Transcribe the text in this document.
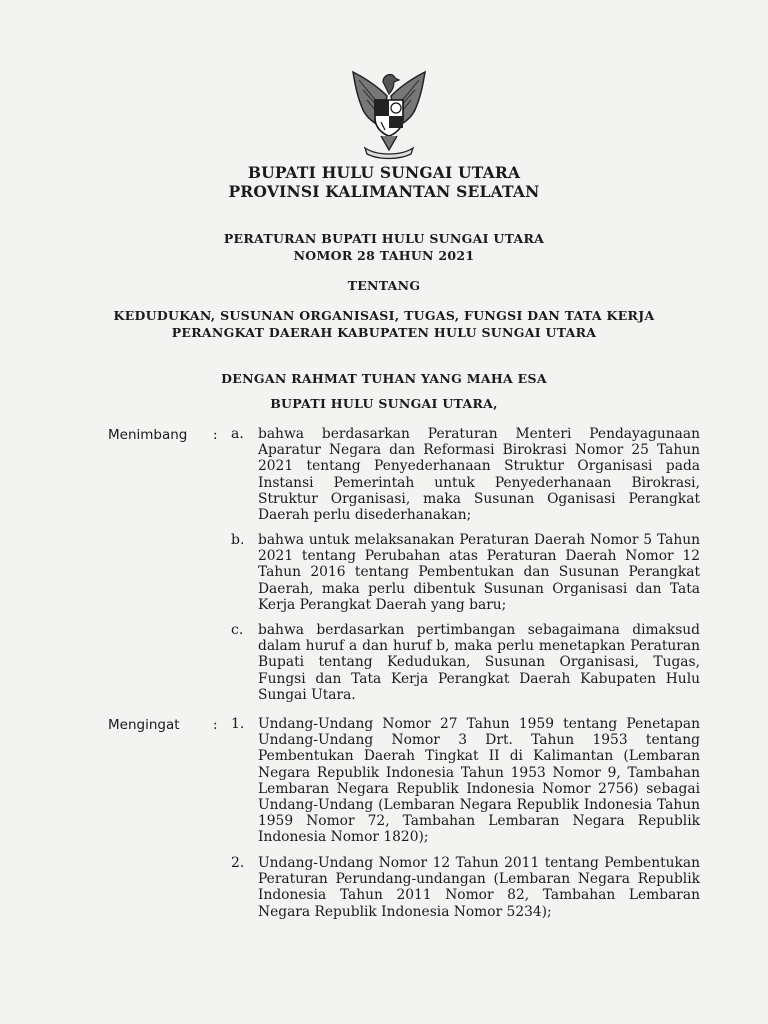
BUPATI HULU SUNGAI UTARA
PROVINSI KALIMANTAN SELATAN
PERATURAN BUPATI HULU SUNGAI UTARA
NOMOR 28 TAHUN 2021
TENTANG
KEDUDUKAN, SUSUNAN ORGANISASI, TUGAS, FUNGSI DAN TATA KERJA
PERANGKAT DAERAH KABUPATEN HULU SUNGAI UTARA
DENGAN RAHMAT TUHAN YANG MAHA ESA
BUPATI HULU SUNGAI UTARA,
Menimbang : a. bahwa berdasarkan Peraturan Menteri Pendayagunaan Aparatur Negara dan Reformasi Birokrasi Nomor 25 Tahun 2021 tentang Penyederhanaan Struktur Organisasi pada Instansi Pemerintah untuk Penyederhanaan Birokrasi, Struktur Organisasi, maka Susunan Oganisasi Perangkat Daerah perlu disederhanakan;
b. bahwa untuk melaksanakan Peraturan Daerah Nomor 5 Tahun 2021 tentang Perubahan atas Peraturan Daerah Nomor 12 Tahun 2016 tentang Pembentukan dan Susunan Perangkat Daerah, maka perlu dibentuk Susunan Organisasi dan Tata Kerja Perangkat Daerah yang baru;
c. bahwa berdasarkan pertimbangan sebagaimana dimaksud dalam huruf a dan huruf b, maka perlu menetapkan Peraturan Bupati tentang Kedudukan, Susunan Organisasi, Tugas, Fungsi dan Tata Kerja Perangkat Daerah Kabupaten Hulu Sungai Utara.
Mengingat : 1. Undang-Undang Nomor 27 Tahun 1959 tentang Penetapan Undang-Undang Nomor 3 Drt. Tahun 1953 tentang Pembentukan Daerah Tingkat II di Kalimantan (Lembaran Negara Republik Indonesia Tahun 1953 Nomor 9, Tambahan Lembaran Negara Republik Indonesia Nomor 2756) sebagai Undang-Undang (Lembaran Negara Republik Indonesia Tahun 1959 Nomor 72, Tambahan Lembaran Negara Republik Indonesia Nomor 1820);
2. Undang-Undang Nomor 12 Tahun 2011 tentang Pembentukan Peraturan Perundang-undangan (Lembaran Negara Republik Indonesia Tahun 2011 Nomor 82, Tambahan Lembaran Negara Republik Indonesia Nomor 5234);
